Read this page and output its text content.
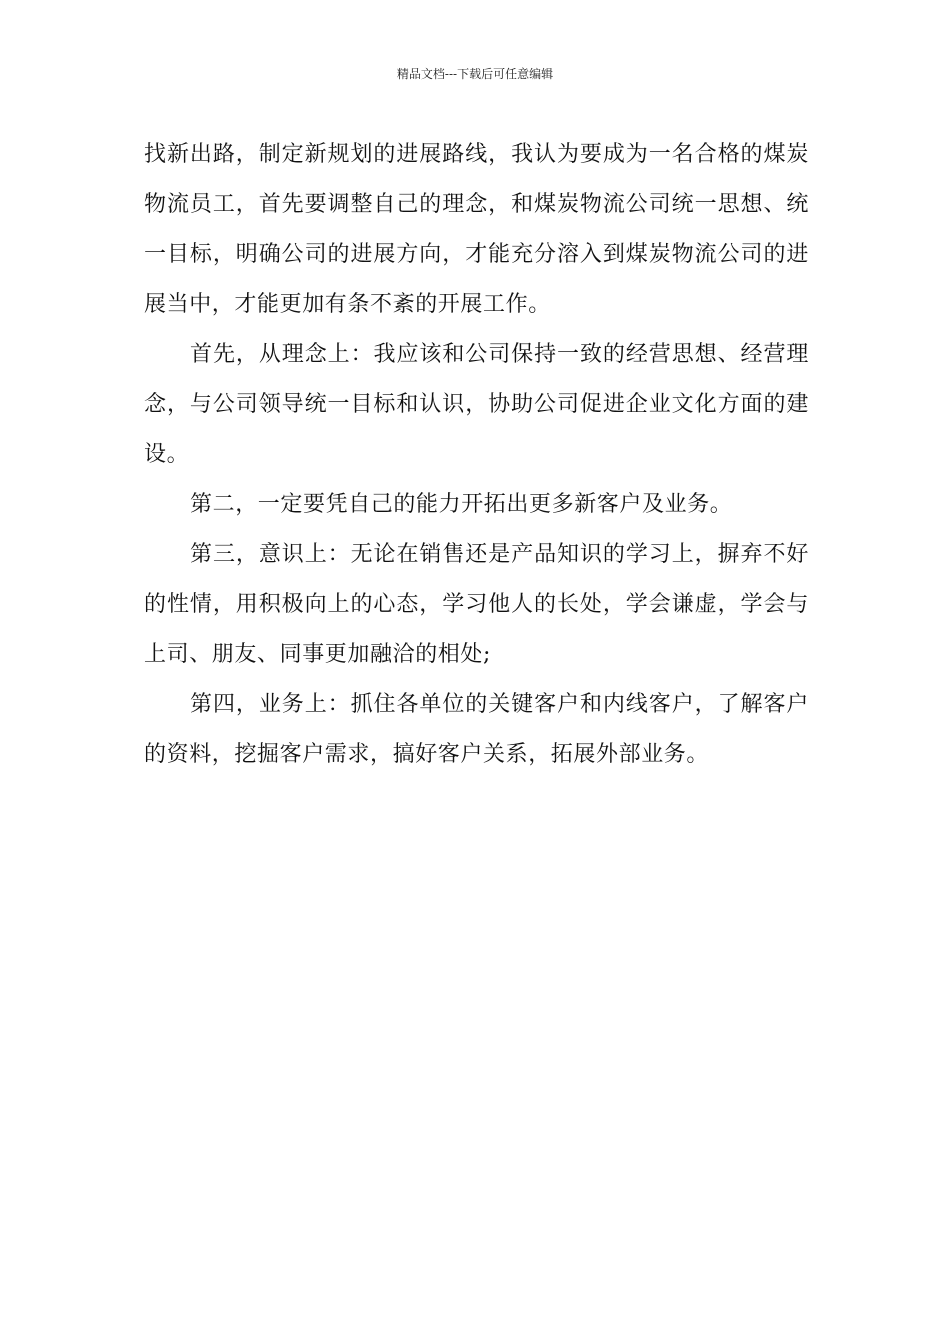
精品文档---下载后可任意编辑

找新出路，制定新规划的进展路线，我认为要成为一名合格的煤炭物流员工，首先要调整自己的理念，和煤炭物流公司统一思想、统一目标，明确公司的进展方向，才能充分溶入到煤炭物流公司的进展当中，才能更加有条不紊的开展工作。

首先，从理念上：我应该和公司保持一致的经营思想、经营理念，与公司领导统一目标和认识，协助公司促进企业文化方面的建设。

第二，一定要凭自己的能力开拓出更多新客户及业务。

第三，意识上：无论在销售还是产品知识的学习上，摒弃不好的性情，用积极向上的心态，学习他人的长处，学会谦虚，学会与上司、朋友、同事更加融洽的相处;

第四，业务上：抓住各单位的关键客户和内线客户，了解客户的资料，挖掘客户需求，搞好客户关系，拓展外部业务。
